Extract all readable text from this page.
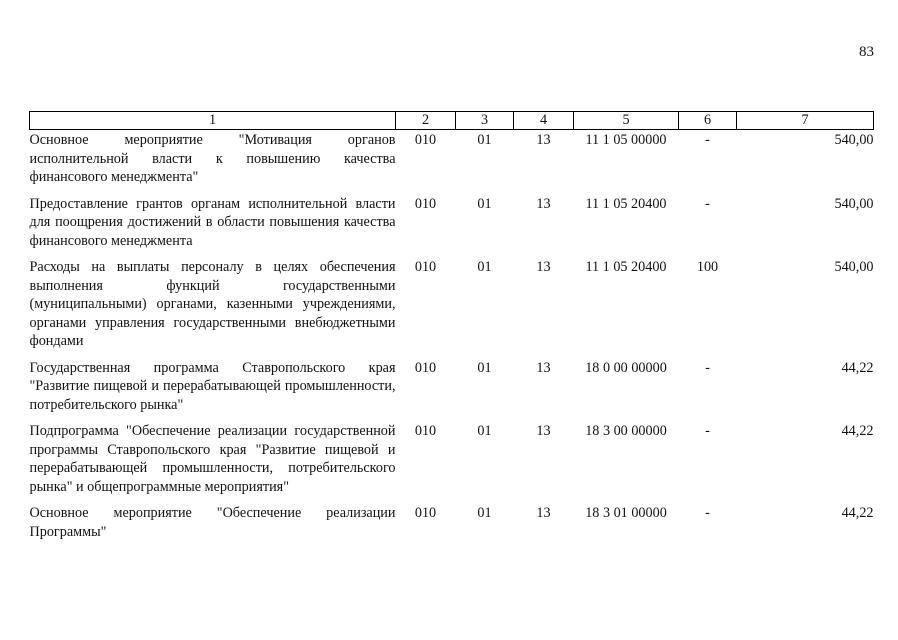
83
1	2	3	4	5	6	7
Основное мероприятие "Мотивация органов исполнительной власти к повышению качества финансового менеджмента"	010	01	13	11 1 05 00000	-	540,00
Предоставление грантов органам исполнительной власти для поощрения достижений в области повышения качества финансового менеджмента	010	01	13	11 1 05 20400	-	540,00
Расходы на выплаты персоналу в целях обеспечения выполнения функций государственными (муниципальными) органами, казенными учреждениями, органами управления государственными внебюджетными фондами	010	01	13	11 1 05 20400	100	540,00
Государственная программа Ставропольского края "Развитие пищевой и перерабатывающей промышленности, потребительского рынка"	010	01	13	18 0 00 00000	-	44,22
Подпрограмма "Обеспечение реализации государственной программы Ставропольского края "Развитие пищевой и перерабатывающей промышленности, потребительского рынка" и общепрограммные мероприятия"	010	01	13	18 3 00 00000	-	44,22
Основное мероприятие "Обеспечение реализации Программы"	010	01	13	18 3 01 00000	-	44,22
